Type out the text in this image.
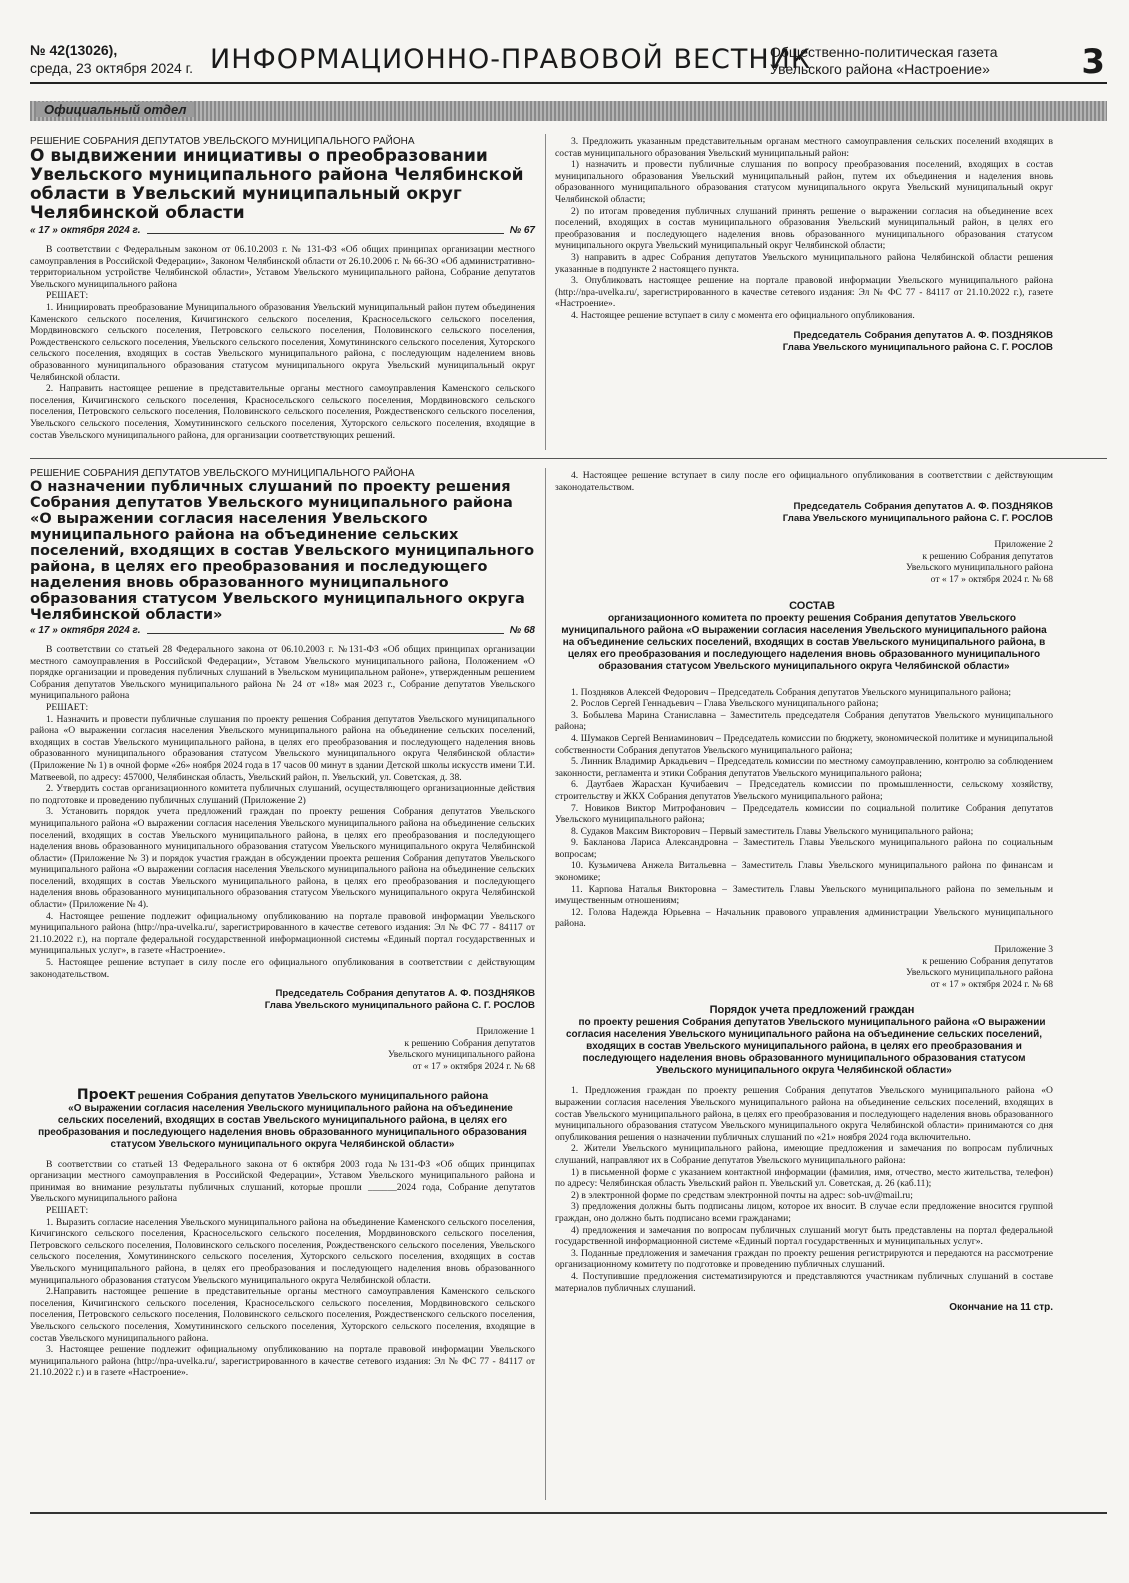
№ 42(13026),
среда, 23 октября 2024 г. ИНФОРМАЦИОННО-ПРАВОВОЙ ВЕСТНИК
Общественно-политическая газета
Увельского района «Настроение»	3
Официальный отдел

РЕШЕНИЕ СОБРАНИЯ ДЕПУТАТОВ УВЕЛЬСКОГО МУНИЦИПАЛЬНОГО РАЙОНА

О выдвижении инициативы о преобразовании Увельского муниципального района Челябинской области в Увельский муниципальный округ Челябинской области

« 17 » октября 2024 г.	№ 67

В соответствии с Федеральным законом от 06.10.2003 г. № 131-ФЗ «Об общих принципах организации местного самоуправления в Российской Федерации», Законом Челябинской области от 26.10.2006 г. № 66-ЗО «Об административно-территориальном устройстве Челябинской области», Уставом Увельского муниципального района, Собрание депутатов Увельского муниципального района

РЕШАЕТ:

1. Инициировать преобразование Муниципального образования Увельский муниципальный район путем объединения Каменского сельского поселения, Кичигинского сельского поселения, Красносельского сельского поселения, Мордвиновского сельского поселения, Петровского сельского поселения, Половинского сельского поселения, Рождественского сельского поселения, Увельского сельского поселения, Хомутининского сельского поселения, Хуторского сельского поселения, входящих в состав Увельского муниципального района, с последующим наделением вновь образованного муниципального образования статусом муниципального округа Увельский муниципальный округ Челябинской области.

2. Направить настоящее решение в представительные органы местного самоуправления Каменского сельского поселения, Кичигинского сельского поселения, Красносельского сельского поселения, Мордвиновского сельского поселения, Петровского сельского поселения, Половинского сельского поселения, Рождественского сельского поселения, Увельского сельского поселения, Хомутининского сельского поселения, Хуторского сельского поселения, входящие в состав Увельского муниципального района, для организации соответствующих решений.

3. Предложить указанным представительным органам местного самоуправления сельских поселений входящих в состав муниципального образования Увельский муниципальный район:

1) назначить и провести публичные слушания по вопросу преобразования поселений, входящих в состав муниципального образования Увельский муниципальный район, путем их объединения и наделения вновь образованного муниципального образования статусом муниципального округа Увельский муниципальный округ Челябинской области;

2) по итогам проведения публичных слушаний принять решение о выражении согласия на объединение всех поселений, входящих в состав муниципального образования Увельский муниципальный район, в целях его преобразования и последующего наделения вновь образованного муниципального образования статусом муниципального округа Увельский муниципальный округ Челябинской области;

3) направить в адрес Собрания депутатов Увельского муниципального района Челябинской области решения указанные в подпункте 2 настоящего пункта.

3. Опубликовать настоящее решение на портале правовой информации Увельского муниципального района (http://npa-uvelka.ru/, зарегистрированного в качестве сетевого издания: Эл № ФС 77 - 84117 от 21.10.2022 г.), газете «Настроение».

4. Настоящее решение вступает в силу с момента его официального опубликования.

Председатель Собрания депутатов А. Ф. ПОЗДНЯКОВ

Глава Увельского муниципального района С. Г. РОСЛОВ

РЕШЕНИЕ СОБРАНИЯ ДЕПУТАТОВ УВЕЛЬСКОГО МУНИЦИПАЛЬНОГО РАЙОНА

О назначении публичных слушаний по проекту решения Собрания депутатов Увельского муниципального района «О выражении согласия населения Увельского муниципального района на объединение сельских поселений, входящих в состав Увельского муниципального района, в целях его преобразования и последующего наделения вновь образованного муниципального образования статусом Увельского муниципального округа Челябинской области»

« 17 » октября 2024 г.	№ 68

В соответствии со статьей 28 Федерального закона от 06.10.2003 г. №131-ФЗ «Об общих принципах организации местного самоуправления в Российской Федерации», Уставом Увельского муниципального района, Положением «О порядке организации и проведения публичных слушаний в Увельском муниципальном районе», утвержденным решением Собрания депутатов Увельского муниципального района № 24 от «18» мая 2023 г., Собрание депутатов Увельского муниципального района

РЕШАЕТ:

1. Назначить и провести публичные слушания по проекту решения Собрания депутатов Увельского муниципального района «О выражении согласия населения Увельского муниципального района на объединение сельских поселений, входящих в состав Увельского муниципального района, в целях его преобразования и последующего наделения вновь образованного муниципального образования статусом Увельского муниципального округа Челябинской области» (Приложение № 1) в очной форме «26» ноября 2024 года в 17 часов 00 минут в здании Детской школы искусств имени Т.И. Матвеевой, по адресу: 457000, Челябинская область, Увельский район, п. Увельский, ул. Советская, д. 38.

2. Утвердить состав организационного комитета публичных слушаний, осуществляющего организационные действия по подготовке и проведению публичных слушаний (Приложение 2)

3. Установить порядок учета предложений граждан по проекту решения Собрания депутатов Увельского муниципального района «О выражении согласия населения Увельского муниципального района на объединение сельских поселений, входящих в состав Увельского муниципального района, в целях его преобразования и последующего наделения вновь образованного муниципального образования статусом Увельского муниципального округа Челябинской области» (Приложение № 3) и порядок участия граждан в обсуждении проекта решения Собрания депутатов Увельского муниципального района «О выражении согласия населения Увельского муниципального района на объединение сельских поселений, входящих в состав Увельского муниципального района, в целях его преобразования и последующего наделения вновь образованного муниципального образования статусом Увельского муниципального округа Челябинской области» (Приложение № 4).

4. Настоящее решение подлежит официальному опубликованию на портале правовой информации Увельского муниципального района (http://npa-uvelka.ru/, зарегистрированного в качестве сетевого издания: Эл № ФС 77 - 84117 от 21.10.2022 г.), на портале федеральной государственной информационной системы «Единый портал государственных и муниципальных услуг», в газете «Настроение».

5. Настоящее решение вступает в силу после его официального опубликования в соответствии с действующим законодательством.

Председатель Собрания депутатов А. Ф. ПОЗДНЯКОВ

Глава Увельского муниципального района С. Г. РОСЛОВ

Приложение 1

к решению Собрания депутатов

Увельского муниципального района

от « 17 » октября 2024 г. № 68

Проект решения Собрания депутатов Увельского муниципального района

«О выражении согласия населения Увельского муниципального района на объединение сельских поселений, входящих в состав Увельского муниципального района, в целях его преобразования и последующего наделения вновь образованного муниципального образования статусом Увельского муниципального округа Челябинской области»

В соответствии со статьей 13 Федерального закона от 6 октября 2003 года №131-ФЗ «Об общих принципах организации местного самоуправления в Российской Федерации», Уставом Увельского муниципального района и принимая во внимание результаты публичных слушаний, которые прошли ______2024 года, Собрание депутатов Увельского муниципального района

РЕШАЕТ:

1. Выразить согласие населения Увельского муниципального района на объединение Каменского сельского поселения, Кичигинского сельского поселения, Красносельского сельского поселения, Мордвиновского сельского поселения, Петровского сельского поселения, Половинского сельского поселения, Рождественского сельского поселения, Увельского сельского поселения, Хомутининского сельского поселения, Хуторского сельского поселения, входящих в состав Увельского муниципального района, в целях его преобразования и последующего наделения вновь образованного муниципального образования статусом Увельского муниципального округа Челябинской области.

2.Направить настоящее решение в представительные органы местного самоуправления Каменского сельского поселения, Кичигинского сельского поселения, Красносельского сельского поселения, Мордвиновского сельского поселения, Петровского сельского поселения, Половинского сельского поселения, Рождественского сельского поселения, Увельского сельского поселения, Хомутининского сельского поселения, Хуторского сельского поселения, входящие в состав Увельского муниципального района.

3. Настоящее решение подлежит официальному опубликованию на портале правовой информации Увельского муниципального района (http://npa-uvelka.ru/, зарегистрированного в качестве сетевого издания: Эл № ФС 77 - 84117 от 21.10.2022 г.) и в газете «Настроение».

4. Настоящее решение вступает в силу после его официального опубликования в соответствии с действующим законодательством.

Председатель Собрания депутатов А. Ф. ПОЗДНЯКОВ

Глава Увельского муниципального района С. Г. РОСЛОВ

Приложение 2

к решению Собрания депутатов

Увельского муниципального района

от « 17 » октября 2024 г. № 68

СОСТАВ

организационного комитета по проекту решения Собрания депутатов Увельского муниципального района «О выражении согласия населения Увельского муниципального района на объединение сельских поселений, входящих в состав Увельского муниципального района, в целях его преобразования и последующего наделения вновь образованного муниципального образования статусом Увельского муниципального округа Челябинской области»

1. Поздняков Алексей Федорович – Председатель Собрания депутатов Увельского муниципального района;

2. Рослов Сергей Геннадьевич – Глава Увельского муниципального района;

3. Бобылева Марина Станиславна – Заместитель председателя Собрания депутатов Увельского муниципального района;

4. Шумаков Сергей Вениаминович – Председатель комиссии по бюджету, экономической политике и муниципальной собственности Собрания депутатов Увельского муниципального района;

5. Линник Владимир Аркадьевич – Председатель комиссии по местному самоуправлению, контролю за соблюдением законности, регламента и этики Собрания депутатов Увельского муниципального района;

6. Даутбаев Жарасхан Кучибаевич – Председатель комиссии по промышленности, сельскому хозяйству, строительству и ЖКХ Собрания депутатов Увельского муниципального района;

7. Новиков Виктор Митрофанович – Председатель комиссии по социальной политике Собрания депутатов Увельского муниципального района;

8. Судаков Максим Викторович – Первый заместитель Главы Увельского муниципального района;

9. Бакланова Лариса Александровна – Заместитель Главы Увельского муниципального района по социальным вопросам;

10. Кузьмичева Анжела Витальевна – Заместитель Главы Увельского муниципального района по финансам и экономике;

11. Карпова Наталья Викторовна – Заместитель Главы Увельского муниципального района по земельным и имущественным отношениям;

12. Голова Надежда Юрьевна – Начальник правового управления администрации Увельского муниципального района.

Приложение 3

к решению Собрания депутатов

Увельского муниципального района

от « 17 » октября 2024 г. № 68

Порядок учета предложений граждан

по проекту решения Собрания депутатов Увельского муниципального района «О выражении согласия населения Увельского муниципального района на объединение сельских поселений, входящих в состав Увельского муниципального района, в целях его преобразования и последующего наделения вновь образованного муниципального образования статусом Увельского муниципального округа Челябинской области»

1. Предложения граждан по проекту решения Собрания депутатов Увельского муниципального района «О выражении согласия населения Увельского муниципального района на объединение сельских поселений, входящих в состав Увельского муниципального района, в целях его преобразования и последующего наделения вновь образованного муниципального образования статусом Увельского муниципального округа Челябинской области» принимаются со дня опубликования решения о назначении публичных слушаний по «21» ноября 2024 года включительно.

2. Жители Увельского муниципального района, имеющие предложения и замечания по вопросам публичных слушаний, направляют их в Собрание депутатов Увельского муниципального района:

1) в письменной форме с указанием контактной информации (фамилия, имя, отчество, место жительства, телефон) по адресу: Челябинская область Увельский район п. Увельский ул. Советская, д. 26 (каб.11);

2) в электронной форме по средствам электронной почты на адрес: sob-uv@mail.ru;

3) предложения должны быть подписаны лицом, которое их вносит. В случае если предложение вносится группой граждан, оно должно быть подписано всеми гражданами;

4) предложения и замечания по вопросам публичных слушаний могут быть представлены на портал федеральной государственной информационной системе «Единый портал государственных и муниципальных услуг».

3. Поданные предложения и замечания граждан по проекту решения регистрируются и передаются на рассмотрение организационному комитету по подготовке и проведению публичных слушаний.

4. Поступившие предложения систематизируются и представляются участникам публичных слушаний в составе материалов публичных слушаний.

Окончание на 11 стр.
